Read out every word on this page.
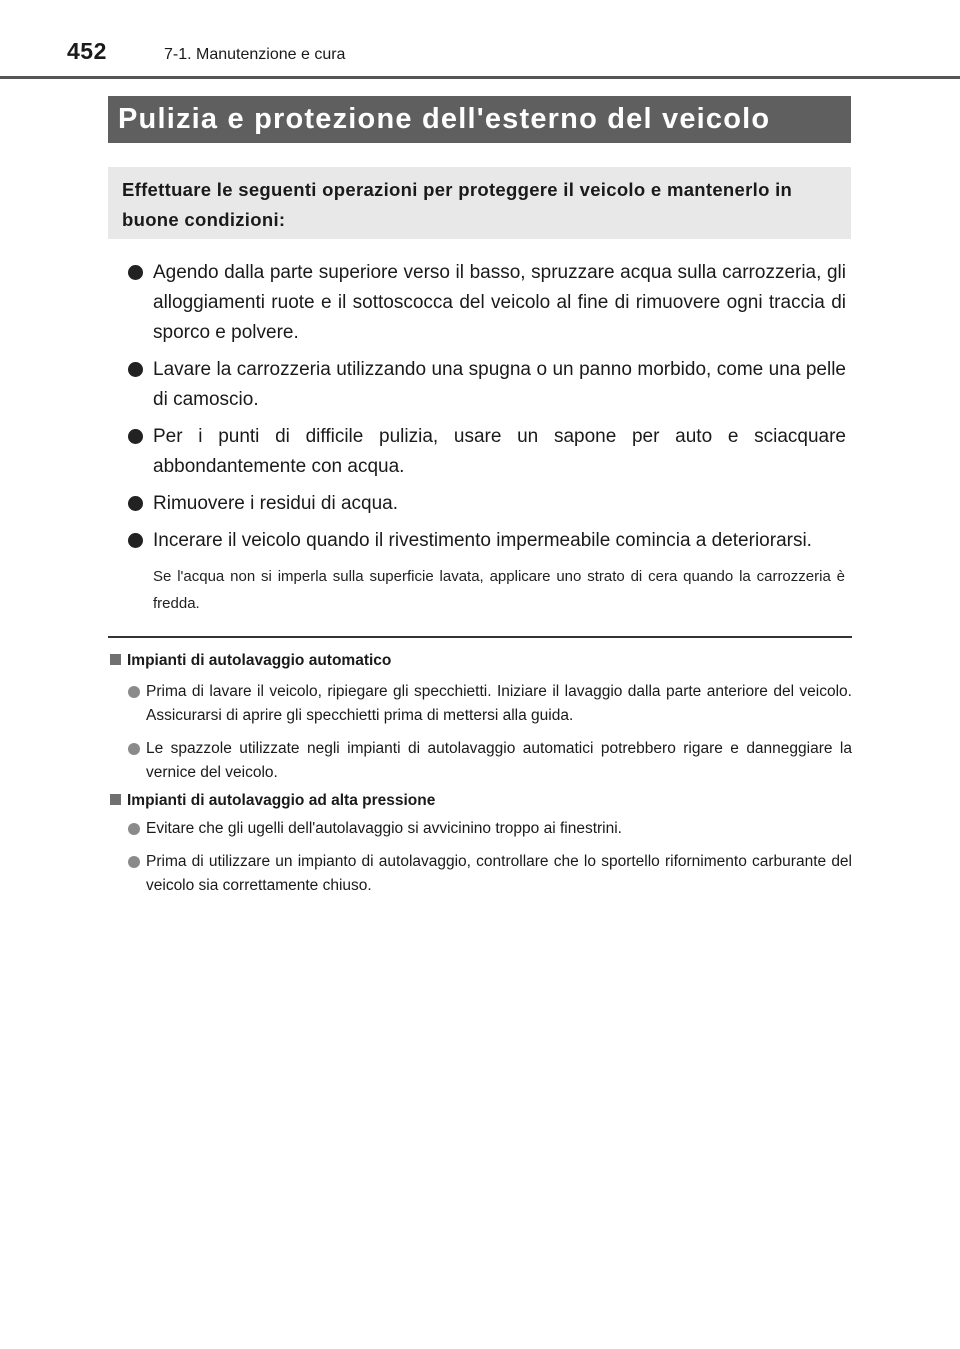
452	7-1. Manutenzione e cura
Pulizia e protezione dell'esterno del veicolo
Effettuare le seguenti operazioni per proteggere il veicolo e mantenerlo in buone condizioni:
Agendo dalla parte superiore verso il basso, spruzzare acqua sulla carrozzeria, gli alloggiamenti ruote e il sottoscocca del veicolo al fine di rimuovere ogni traccia di sporco e polvere.
Lavare la carrozzeria utilizzando una spugna o un panno morbido, come una pelle di camoscio.
Per i punti di difficile pulizia, usare un sapone per auto e sciacquare abbondantemente con acqua.
Rimuovere i residui di acqua.
Incerare il veicolo quando il rivestimento impermeabile comincia a deteriorarsi.
Se l'acqua non si imperla sulla superficie lavata, applicare uno strato di cera quando la carrozzeria è fredda.
Impianti di autolavaggio automatico
Prima di lavare il veicolo, ripiegare gli specchietti. Iniziare il lavaggio dalla parte anteriore del veicolo. Assicurarsi di aprire gli specchietti prima di mettersi alla guida.
Le spazzole utilizzate negli impianti di autolavaggio automatici potrebbero rigare e danneggiare la vernice del veicolo.
Impianti di autolavaggio ad alta pressione
Evitare che gli ugelli dell'autolavaggio si avvicinino troppo ai finestrini.
Prima di utilizzare un impianto di autolavaggio, controllare che lo sportello rifornimento carburante del veicolo sia correttamente chiuso.
